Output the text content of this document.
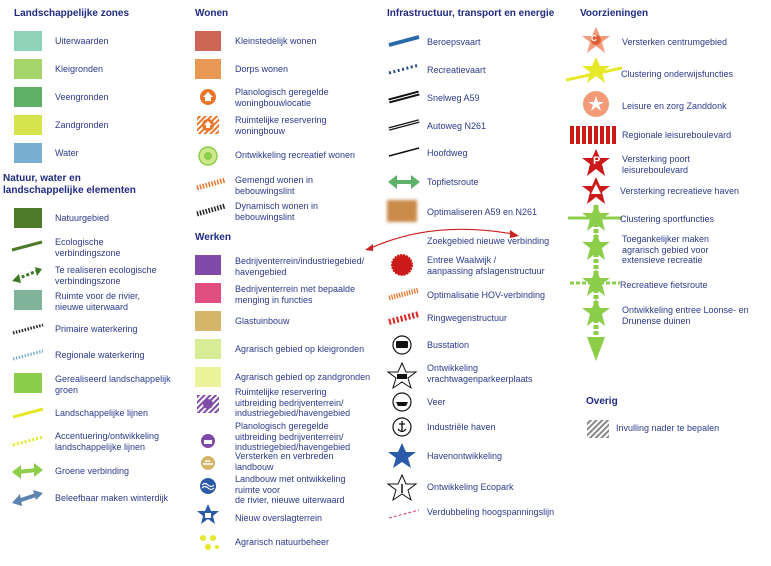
Landschappelijke zones
Uiterwaarden
Kleigronden
Veengronden
Zandgronden
Water
Natuur, water en
landschappelijke elementen
Natuurgebied
Ecologische
verbindingszone
Te realiseren ecologische
verbindingszone
Ruimte voor de rivier,
nieuwe uiterwaard
Primaire waterkering
Regionale waterkering
Gerealiseerd landschappelijk
groen
Landschappelijke lijnen
Accentuering/ontwikkeling
landschappelijke lijnen
Groene verbinding
Beleefbaar maken winterdijk
Wonen
Kleinstedelijk wonen
Dorps wonen
Planologisch geregelde
woningbouwlocatie
Ruimtelijke reservering
woningbouw
Ontwikkeling recreatief wonen
Gemengd wonen in
bebouwingslint
Dynamisch wonen in
bebouwingslint
Werken
Bedrijventerrein/industriegebied/
havengebied
Bedrijventerrein met bepaalde
menging in functies
Glastuinbouw
Agrarisch gebied op kleigronden
Agrarisch gebied op zandgronden
Ruimtelijke reservering
uitbreiding bedrijventerrein/
industriegebied/havengebied
Planologisch geregelde
uitbreiding bedrijventerrein/
industriegebied/havengebied
Versterken en verbreden
landbouw
Landbouw met ontwikkeling
ruimte voor
de rivier, nieuwe uiterwaard
Nieuw overslagterrein
Agrarisch natuurbeheer
Infrastructuur, transport en energie
Beroepsvaart
Recreatievaart
Snelweg A59
Autoweg N261
Hoofdweg
Topfietsroute
Optimaliseren A59 en N261
Zoekgebied nieuwe verbinding
Entree Waalwijk /
aanpassing afslagenstructuur
Optimalisatie HOV-verbinding
Ringwegenstructuur
Busstation
Ontwikkeling
vrachtwagenparkeerplaats
Veer
Industriële haven
Havenontwikkeling
Ontwikkeling Ecopark
Verdubbeling hoogspanningslijn
Voorzieningen
C	Versterken centrumgebied
Clustering onderwijsfuncties
Leisure en zorg Zanddonk
Regionale leisureboulevard
P Versterking poort
leisureboulevard
Versterking recreatieve haven
Clustering sportfuncties
Toegankelijker maken
agrarisch gebied voor
extensieve recreatie
Recreatieve fietsroute
Ontwikkeling entree Loonse- en
Drunense duinen
Overig
Invulling nader te bepalen
